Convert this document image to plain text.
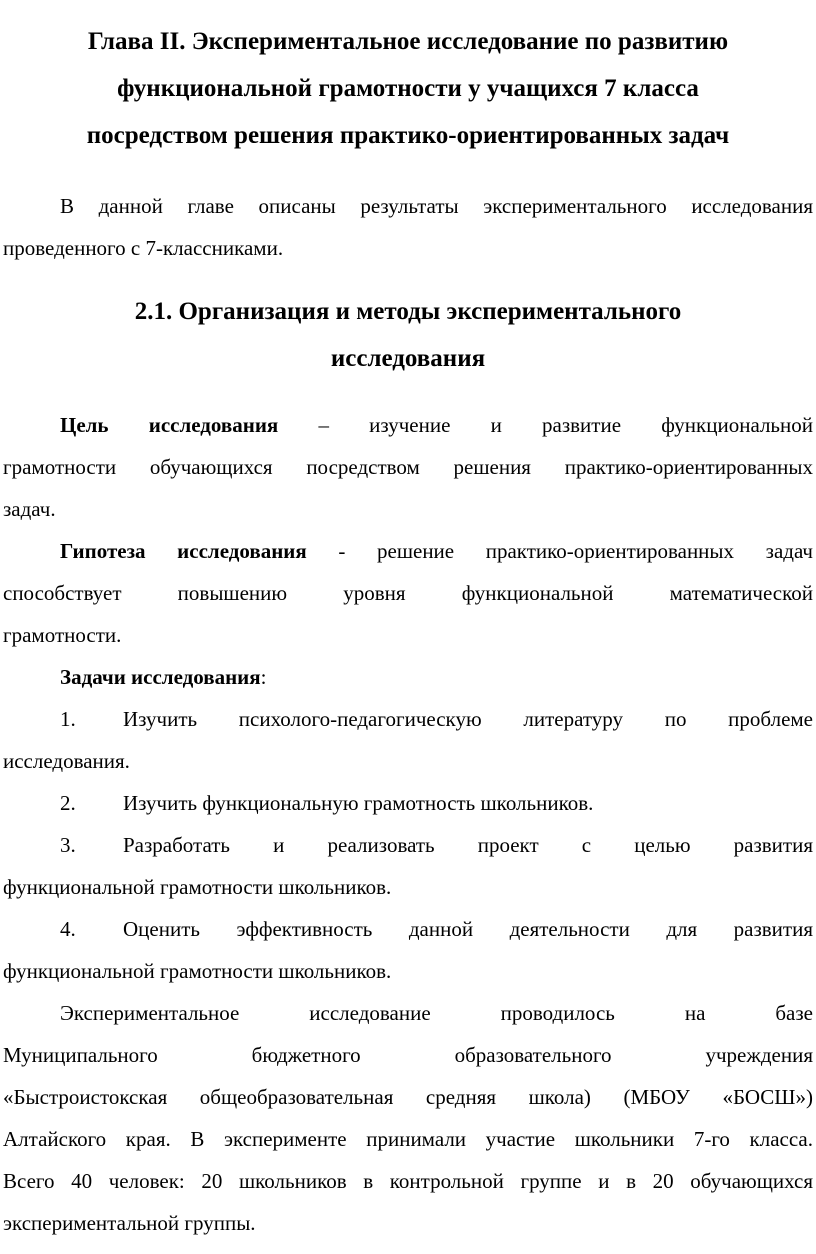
Глава II. Экспериментальное исследование по развитию
функциональной грамотности у учащихся 7 класса
посредством решения практико-ориентированных задач
В данной главе описаны результаты экспериментального исследования
проведенного с 7-классниками.
2.1. Организация и методы экспериментального
исследования
Цель исследования – изучение и развитие функциональной
грамотности обучающихся посредством решения практико-ориентированных
задач.
Гипотеза исследования - решение практико-ориентированных задач
способствует повышению уровня функциональной математической
грамотности.
Задачи исследования:
1. Изучить психолого-педагогическую литературу по проблеме
исследования.
2. Изучить функциональную грамотность школьников.
3. Разработать и реализовать проект с целью развития
функциональной грамотности школьников.
4. Оценить эффективность данной деятельности для развития
функциональной грамотности школьников.
Экспериментальное исследование проводилось на базе
Муниципального бюджетного образовательного учреждения
«Быстроистокская общеобразовательная средняя школа) (МБОУ «БОСШ»)
Алтайского края. В эксперименте принимали участие школьники 7-го класса.
Всего 40 человек: 20 школьников в контрольной группе и в 20 обучающихся
экспериментальной группы.
